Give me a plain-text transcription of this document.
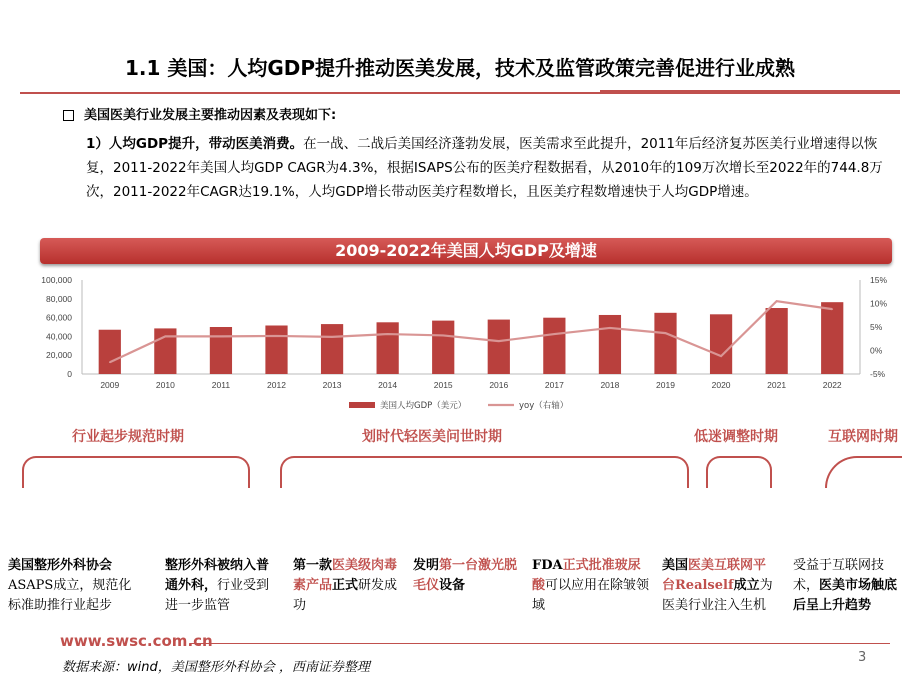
1.1 美国：人均GDP提升推动医美发展，技术及监管政策完善促进行业成熟
美国医美行业发展主要推动因素及表现如下:
1）人均GDP提升，带动医美消费。在一战、二战后美国经济蓬勃发展，医美需求至此提升，2011年后经济复苏医美行业增速得以恢复，2011-2022年美国人均GDP CAGR为4.3%，根据ISAPS公布的医美疗程数据看，从2010年的109万次增长至2022年的744.8万次，2011-2022年CAGR达19.1%，人均GDP增长带动医美疗程数增长，且医美疗程数增速快于人均GDP增速。
2009-2022年美国人均GDP及增速
0
20,000
40,000
60,000
80,000
100,000
-5%
0%
5%
10%
15%
2009	2010	2011	2012	2013	2014	2015	2016	2017	2018	2019	2020	2021	2022
美国人均GDP（美元）	yoy（右轴）
行业起步规范时期	划时代轻医美问世时期	低迷调整时期	互联网时期
美国整形外科协会ASAPS成立，规范化标准助推行业起步
整形外科被纳入普通外科，行业受到进一步监管
第一款医美级肉毒素产品正式研发成功
发明第一台激光脱毛仪设备
FDA正式批准玻尿酸可以应用在除皱领域
美国医美互联网平台Realself成立为医美行业注入生机
受益于互联网技术，医美市场触底后呈上升趋势
www.swsc.com.cn
数据来源：wind，美国整形外科协会 ，西南证券整理
3
